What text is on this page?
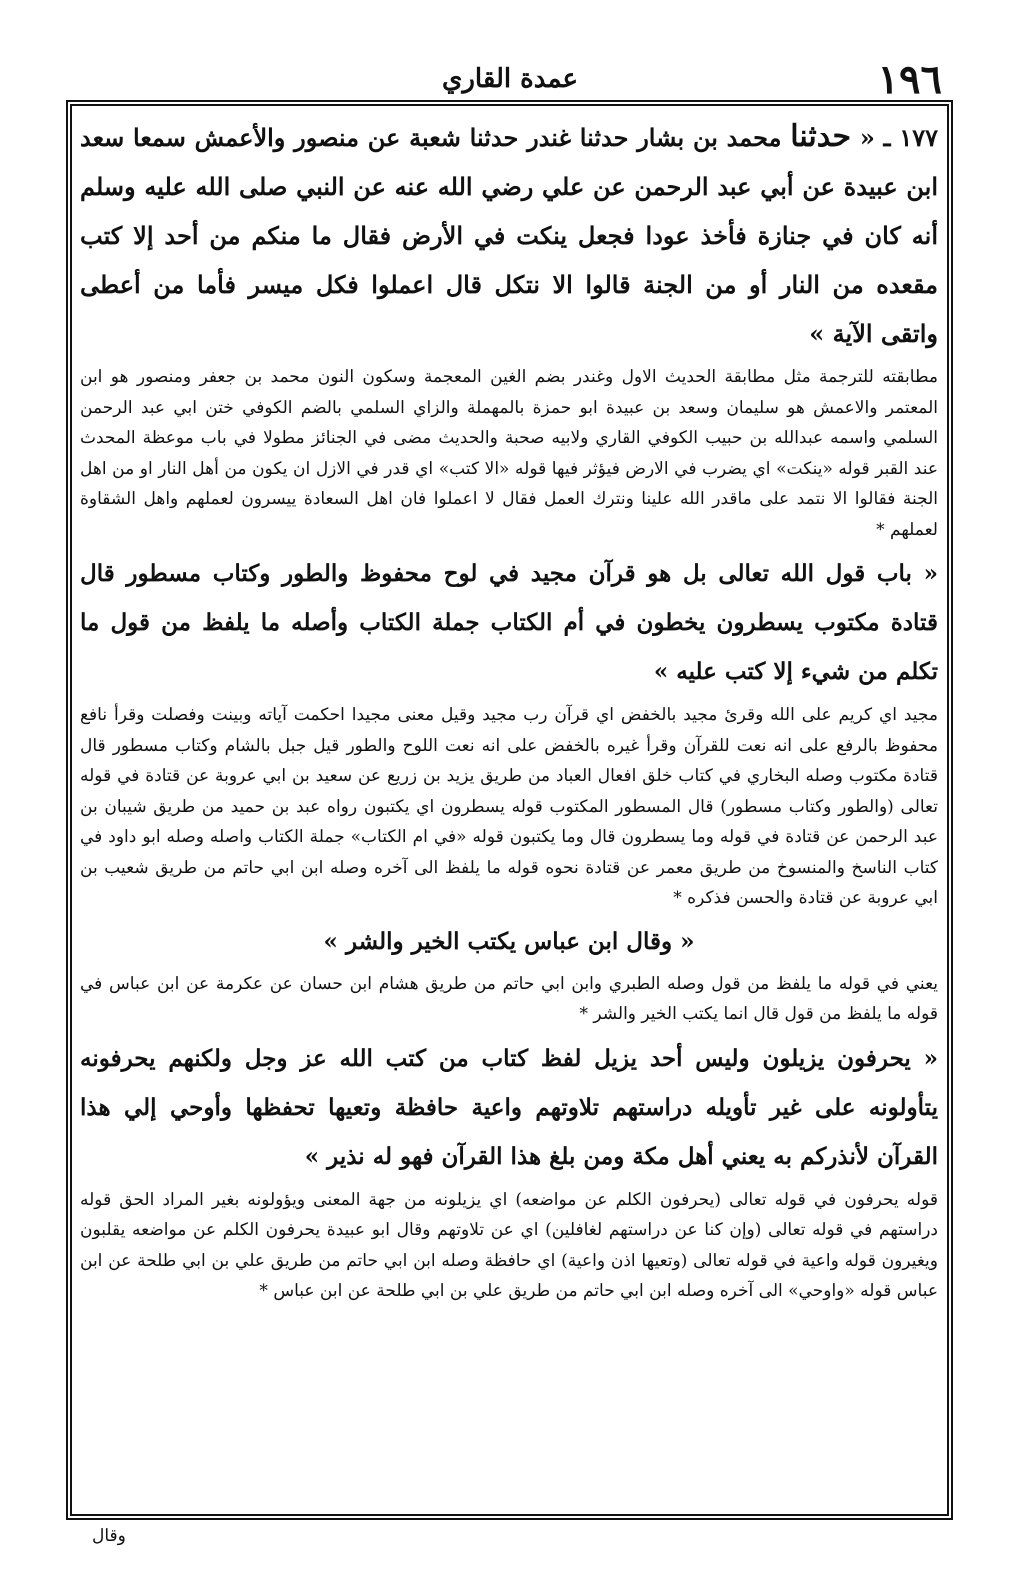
عمدة القاري	١٩٦

١٧٧ ـ « حدثنا محمد بن بشار حدثنا غندر حدثنا شعبة عن منصور والأعمش سمعا سعد ابن عبيدة عن أبي عبد الرحمن عن علي رضي الله عنه عن النبي صلى الله عليه وسلم أنه كان في جنازة فأخذ عودا فجعل ينكت في الأرض فقال ما منكم من أحد إلا كتب مقعده من النار أو من الجنة قالوا الا نتكل قال اعملوا فكل ميسر فأما من أعطى واتقى الآية »

مطابقته للترجمة مثل مطابقة الحديث الاول وغندر بضم الغين المعجمة وسكون النون محمد بن جعفر ومنصور هو ابن المعتمر والاعمش هو سليمان وسعد بن عبيدة ابو حمزة بالمهملة والزاي السلمي بالضم الكوفي ختن ابي عبد الرحمن السلمي واسمه عبدالله بن حبيب الكوفي القاري ولابيه صحبة والحديث مضى في الجنائز مطولا في باب موعظة المحدث عند القبر قوله «ينكت» اي يضرب في الارض فيؤثر فيها قوله «الا كتب» اي قدر في الازل ان يكون من أهل النار او من اهل الجنة فقالوا الا نتمد على ماقدر الله علينا ونترك العمل فقال لا اعملوا فان اهل السعادة ييسرون لعملهم واهل الشقاوة لعملهم *

« باب قول الله تعالى بل هو قرآن مجيد في لوح محفوظ والطور وكتاب مسطور قال قتادة مكتوب يسطرون يخطون في أم الكتاب جملة الكتاب وأصله ما يلفظ من قول ما تكلم من شيء إلا كتب عليه »

مجيد اي كريم على الله وقرئ مجيد بالخفض اي قرآن رب مجيد وقيل معنى مجيدا احكمت آياته وبينت وفصلت وقرأ نافع محفوظ بالرفع على انه نعت للقرآن وقرأ غيره بالخفض على انه نعت اللوح والطور قيل جبل بالشام وكتاب مسطور قال قتادة مكتوب وصله البخاري في كتاب خلق افعال العباد من طريق يزيد بن زريع عن سعيد بن ابي عروبة عن قتادة في قوله تعالى (والطور وكتاب مسطور) قال المسطور المكتوب قوله يسطرون اي يكتبون رواه عبد بن حميد من طريق شيبان بن عبد الرحمن عن قتادة في قوله وما يسطرون قال وما يكتبون قوله «في ام الكتاب» جملة الكتاب واصله وصله ابو داود في كتاب الناسخ والمنسوخ من طريق معمر عن قتادة نحوه قوله ما يلفظ الى آخره وصله ابن ابي حاتم من طريق شعيب بن ابي عروبة عن قتادة والحسن فذكره *

« وقال ابن عباس يكتب الخير والشر »

يعني في قوله ما يلفظ من قول وصله الطبري وابن ابي حاتم من طريق هشام ابن حسان عن عكرمة عن ابن عباس في قوله ما يلفظ من قول قال انما يكتب الخير والشر *

« يحرفون يزيلون وليس أحد يزيل لفظ كتاب من كتب الله عز وجل ولكنهم يحرفونه يتأولونه على غير تأويله دراستهم تلاوتهم واعية حافظة وتعيها تحفظها وأوحي إلي هذا القرآن لأنذركم به يعني أهل مكة ومن بلغ هذا القرآن فهو له نذير »

قوله يحرفون في قوله تعالى (يحرفون الكلم عن مواضعه) اي يزيلونه من جهة المعنى ويؤولونه بغير المراد الحق قوله دراستهم في قوله تعالى (وإن كنا عن دراستهم لغافلين) اي عن تلاوتهم وقال ابو عبيدة يحرفون الكلم عن مواضعه يقلبون ويغيرون قوله واعية في قوله تعالى (وتعيها اذن واعية) اي حافظة وصله ابن ابي حاتم من طريق علي بن ابي طلحة عن ابن عباس قوله «واوحي» الى آخره وصله ابن ابي حاتم من طريق علي بن ابي طلحة عن ابن عباس *

وقال
